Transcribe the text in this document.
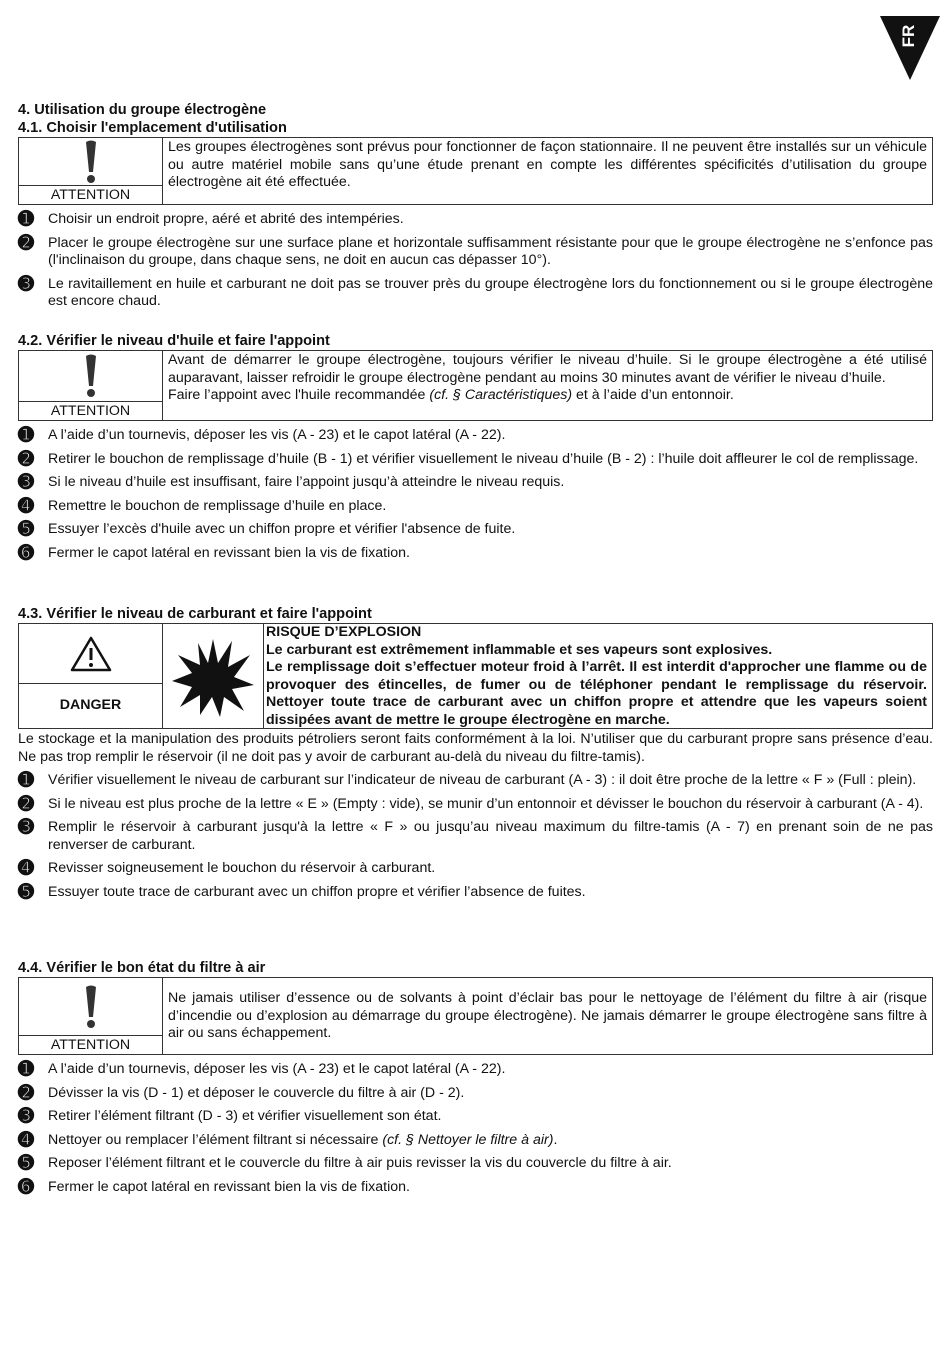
FR

4. Utilisation du groupe électrogène

4.1. Choisir l'emplacement d'utilisation

ATTENTION
Les groupes électrogènes sont prévus pour fonctionner de façon stationnaire. Il ne peuvent être installés sur un véhicule ou autre matériel mobile sans qu’une étude prenant en compte les différentes spécificités d’utilisation du groupe électrogène ait été effectuée.
➊ Choisir un endroit propre, aéré et abrité des intempéries.
➋ Placer le groupe électrogène sur une surface plane et horizontale suffisamment résistante pour que le groupe électrogène ne s’enfonce pas (l'inclinaison du groupe, dans chaque sens, ne doit en aucun cas dépasser 10°).
➌ Le ravitaillement en huile et carburant ne doit pas se trouver près du groupe électrogène lors du fonctionnement ou si le groupe électrogène est encore chaud.

4.2. Vérifier le niveau d'huile et faire l'appoint

ATTENTION
Avant de démarrer le groupe électrogène, toujours vérifier le niveau d’huile. Si le groupe électrogène a été utilisé auparavant, laisser refroidir le groupe électrogène pendant au moins 30 minutes avant de vérifier le niveau d’huile.
Faire l’appoint avec l'huile recommandée (cf. § Caractéristiques) et à l’aide d’un entonnoir.
➊ A l’aide d’un tournevis, déposer les vis (A - 23) et le capot latéral (A - 22).
➋ Retirer le bouchon de remplissage d’huile (B - 1) et vérifier visuellement le niveau d’huile (B - 2) : l’huile doit affleurer le col de remplissage.
➌ Si le niveau d’huile est insuffisant, faire l’appoint jusqu’à atteindre le niveau requis.
➍ Remettre le bouchon de remplissage d’huile en place.
➎ Essuyer l’excès d'huile avec un chiffon propre et vérifier l'absence de fuite.
➏ Fermer le capot latéral en revissant bien la vis de fixation.

4.3. Vérifier le niveau de carburant et faire l'appoint

DANGER
RISQUE D’EXPLOSION
Le carburant est extrêmement inflammable et ses vapeurs sont explosives.
Le remplissage doit s’effectuer moteur froid à l’arrêt. Il est interdit d'approcher une flamme ou de provoquer des étincelles, de fumer ou de téléphoner pendant le remplissage du réservoir. Nettoyer toute trace de carburant avec un chiffon propre et attendre que les vapeurs soient dissipées avant de mettre le groupe électrogène en marche.
Le stockage et la manipulation des produits pétroliers seront faits conformément à la loi. N’utiliser que du carburant propre sans présence d’eau. Ne pas trop remplir le réservoir (il ne doit pas y avoir de carburant au-delà du niveau du filtre-tamis).
➊ Vérifier visuellement le niveau de carburant sur l’indicateur de niveau de carburant (A - 3) : il doit être proche de la lettre « F » (Full : plein).
➋ Si le niveau est plus proche de la lettre « E » (Empty : vide), se munir d’un entonnoir et dévisser le bouchon du réservoir à carburant (A - 4).
➌ Remplir le réservoir à carburant jusqu'à la lettre « F » ou jusqu’au niveau maximum du filtre-tamis (A - 7) en prenant soin de ne pas renverser de carburant.
➍ Revisser soigneusement le bouchon du réservoir à carburant.
➎ Essuyer toute trace de carburant avec un chiffon propre et vérifier l’absence de fuites.

4.4. Vérifier le bon état du filtre à air

ATTENTION
Ne jamais utiliser d’essence ou de solvants à point d’éclair bas pour le nettoyage de l’élément du filtre à air (risque d’incendie ou d’explosion au démarrage du groupe électrogène). Ne jamais démarrer le groupe électrogène sans filtre à air ou sans échappement.
➊ A l’aide d’un tournevis, déposer les vis (A - 23) et le capot latéral (A - 22).
➋ Dévisser la vis (D - 1) et déposer le couvercle du filtre à air (D - 2).
➌ Retirer l’élément filtrant (D - 3) et vérifier visuellement son état.
➍ Nettoyer ou remplacer l’élément filtrant si nécessaire (cf. § Nettoyer le filtre à air).
➎ Reposer l’élément filtrant et le couvercle du filtre à air puis revisser la vis du couvercle du filtre à air.
➏ Fermer le capot latéral en revissant bien la vis de fixation.
